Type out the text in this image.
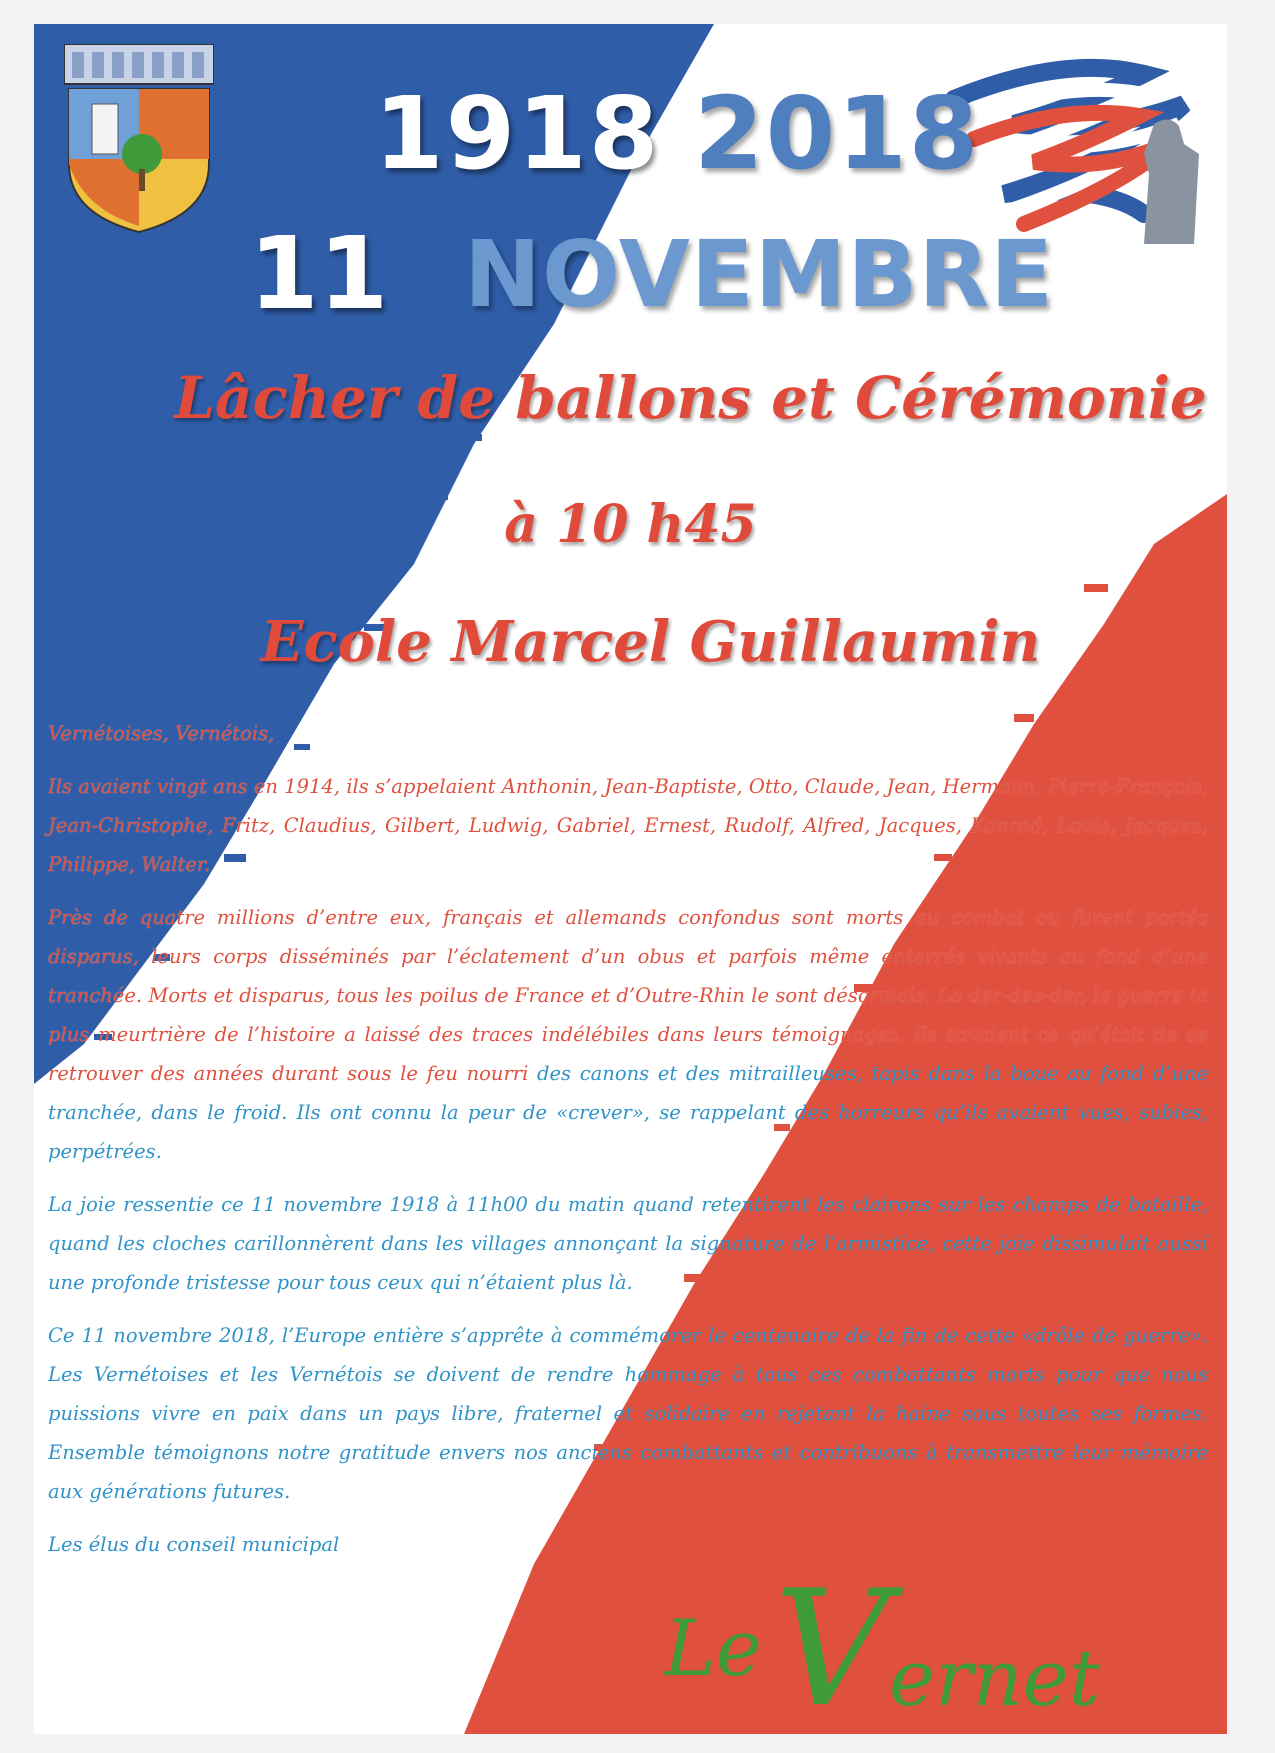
1918 2018
11 NOVEMBRE
Lâcher de ballons et Cérémonie
à 10 h45
Ecole Marcel Guillaumin

Vernétoises, Vernétois,

Ils avaient vingt ans en 1914, ils s’appelaient Anthonin, Jean-Baptiste, Otto, Claude, Jean, Hermann, Pierre-François, Jean-Christophe, Fritz, Claudius, Gilbert, Ludwig, Gabriel, Ernest, Rudolf, Alfred, Jacques, Konrad, Louis, Jacques, Philippe, Walter.

Près de quatre millions d’entre eux, français et allemands confondus sont morts au combat ou furent portés disparus, leurs corps disséminés par l’éclatement d’un obus et parfois même enterrés vivants au fond d’une tranchée. Morts et disparus, tous les poilus de France et d’Outre-Rhin le sont désormais. La der-des-der, la guerre la plus meurtrière de l’histoire a laissé des traces indélébiles dans leurs témoignages. Ils savaient ce qu’était de se retrouver des années durant sous le feu nourri des canons et des mitrailleuses, tapis dans la boue au fond d’une tranchée, dans le froid. Ils ont connu la peur de «crever», se rappelant des horreurs qu’ils avaient vues, subies, perpétrées.

La joie ressentie ce 11 novembre 1918 à 11h00 du matin quand retentirent les clairons sur les champs de bataille, quand les cloches carillonnèrent dans les villages annonçant la signature de l’armistice, cette joie dissimulait aussi une profonde tristesse pour tous ceux qui n’étaient plus là.

Ce 11 novembre 2018, l’Europe entière s’apprête à commémorer le centenaire de la fin de cette «drôle de guerre». Les Vernétoises et les Vernétois se doivent de rendre hommage à tous ces combattants morts pour que nous puissions vivre en paix dans un pays libre, fraternel et solidaire en rejetant la haine sous toutes ses formes. Ensemble témoignons notre gratitude envers nos anciens combattants et contribuons à transmettre leur mémoire aux générations futures.

Les élus du conseil municipal

Le V ernet
